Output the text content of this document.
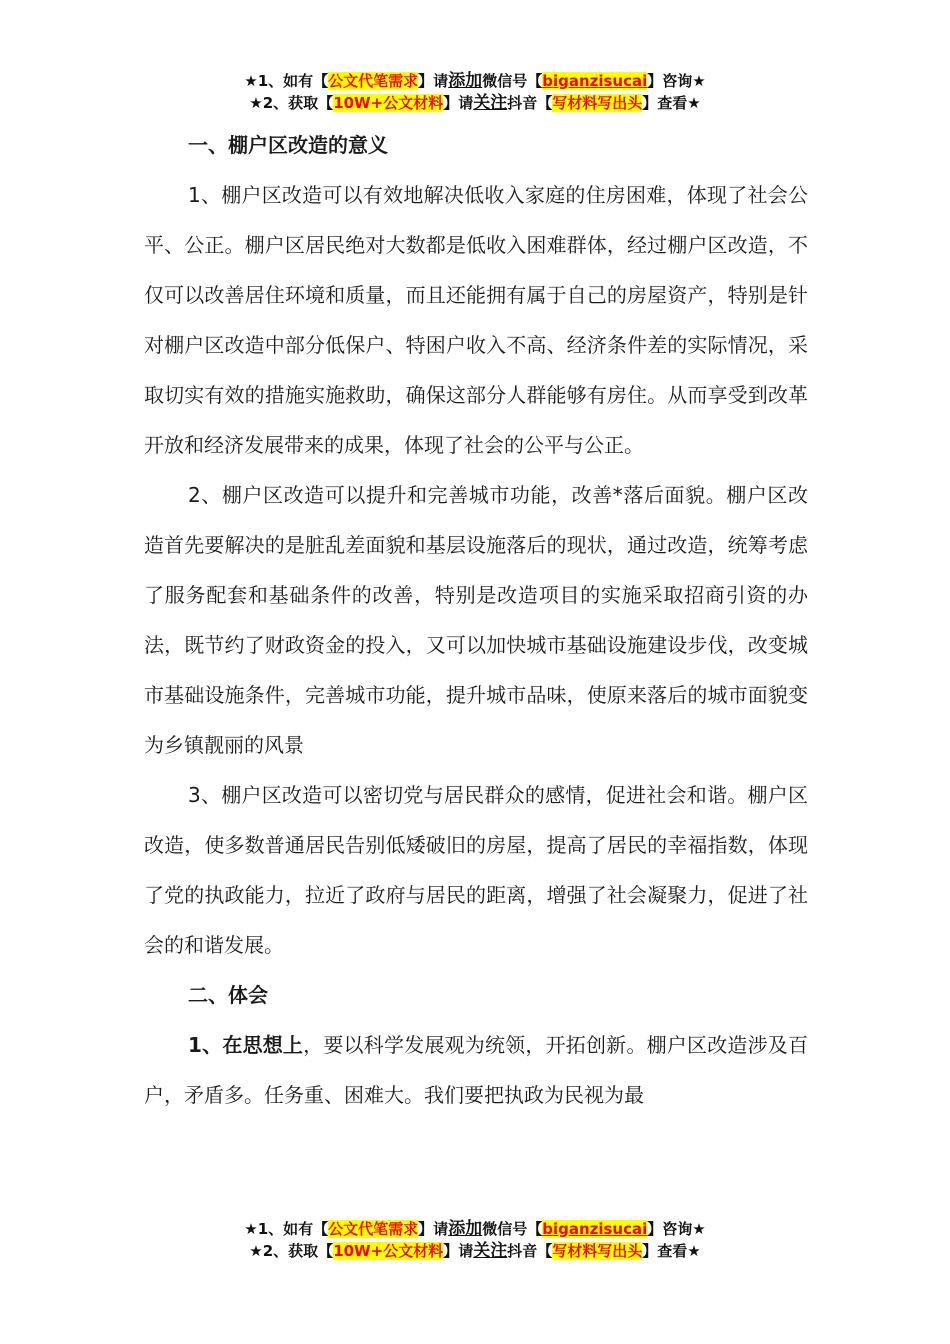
★1、如有【公文代笔需求】请添加微信号【biganzisucai】咨询★
★2、获取【10W+公文材料】请关注抖音【写材料写出头】查看★

一、棚户区改造的意义

1、棚户区改造可以有效地解决低收入家庭的住房困难，体现了社会公平、公正。棚户区居民绝对大数都是低收入困难群体，经过棚户区改造，不仅可以改善居住环境和质量，而且还能拥有属于自己的房屋资产，特别是针对棚户区改造中部分低保户、特困户收入不高、经济条件差的实际情况，采取切实有效的措施实施救助，确保这部分人群能够有房住。从而享受到改革开放和经济发展带来的成果，体现了社会的公平与公正。

2、棚户区改造可以提升和完善城市功能，改善*落后面貌。棚户区改造首先要解决的是脏乱差面貌和基层设施落后的现状，通过改造，统筹考虑了服务配套和基础条件的改善，特别是改造项目的实施采取招商引资的办法，既节约了财政资金的投入，又可以加快城市基础设施建设步伐，改变城市基础设施条件，完善城市功能，提升城市品味，使原来落后的城市面貌变为乡镇靓丽的风景

3、棚户区改造可以密切党与居民群众的感情，促进社会和谐。棚户区改造，使多数普通居民告别低矮破旧的房屋，提高了居民的幸福指数，体现了党的执政能力，拉近了政府与居民的距离，增强了社会凝聚力，促进了社会的和谐发展。

二、体会

1、在思想上，要以科学发展观为统领，开拓创新。棚户区改造涉及百户，矛盾多。任务重、困难大。我们要把执政为民视为最

★1、如有【公文代笔需求】请添加微信号【biganzisucai】咨询★
★2、获取【10W+公文材料】请关注抖音【写材料写出头】查看★
